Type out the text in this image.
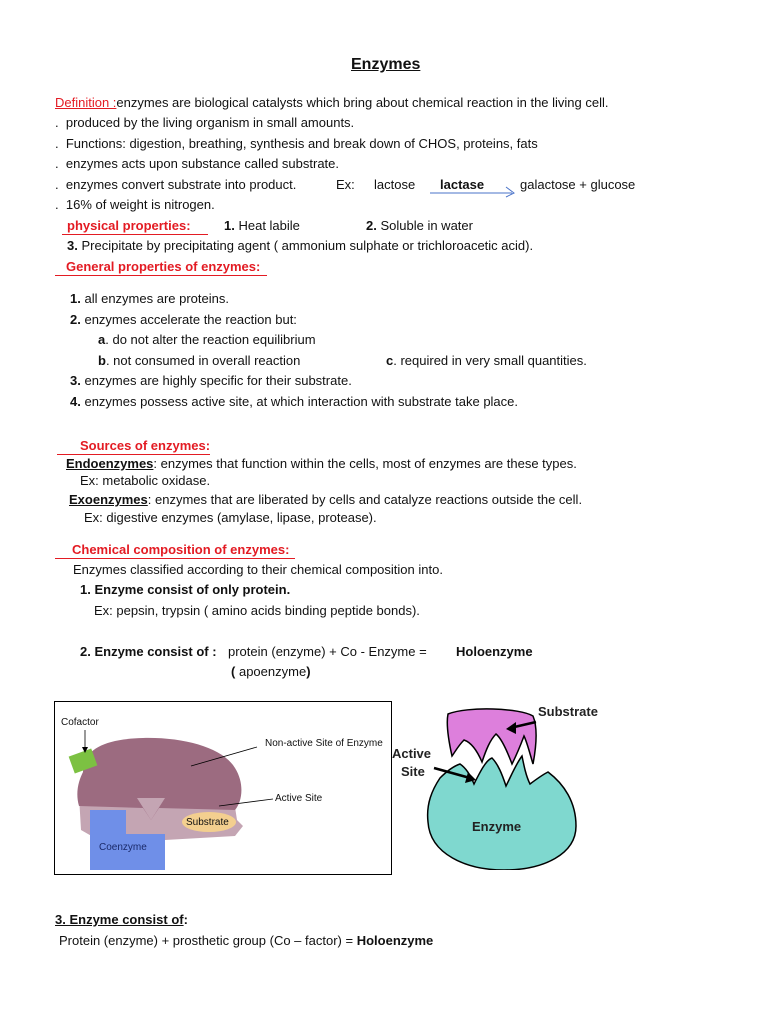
Enzymes
Definition :enzymes are biological catalysts which bring about chemical reaction in the living cell.
. produced by the living organism in small amounts.
. Functions: digestion, breathing, synthesis and break down of CHOS, proteins, fats
. enzymes acts upon substance called substrate.
. enzymes convert substrate into product.	Ex: lactose lactase	galactose + glucose
. 16% of weight is nitrogen.
physical properties:	1. Heat labile	2. Soluble in water
3. Precipitate by precipitating agent ( ammonium sulphate or trichloroacetic acid).
General properties of enzymes:
1. all enzymes are proteins.
2. enzymes accelerate the reaction but:
a. do not alter the reaction equilibrium
b. not consumed in overall reaction	c. required in very small quantities.
3. enzymes are highly specific for their substrate.
4. enzymes possess active site, at which interaction with substrate take place.
Sources of enzymes:
Endoenzymes: enzymes that function within the cells, most of enzymes are these types.
Ex: metabolic oxidase.
Exoenzymes: enzymes that are liberated by cells and catalyze reactions outside the cell.
Ex: digestive enzymes (amylase, lipase, protease).
Chemical composition of enzymes:
Enzymes classified according to their chemical composition into.
1. Enzyme consist of only protein.
Ex: pepsin, trypsin ( amino acids binding peptide bonds).
2. Enzyme consist of : protein (enzyme) + Co - Enzyme = Holoenzyme
( apoenzyme)
Cofactor
Non-active Site of Enzyme
Active Site
Substrate
Coenzyme
Substrate
Active
Site
Enzyme
3. Enzyme consist of:
Protein (enzyme) + prosthetic group (Co – factor) = Holoenzyme
